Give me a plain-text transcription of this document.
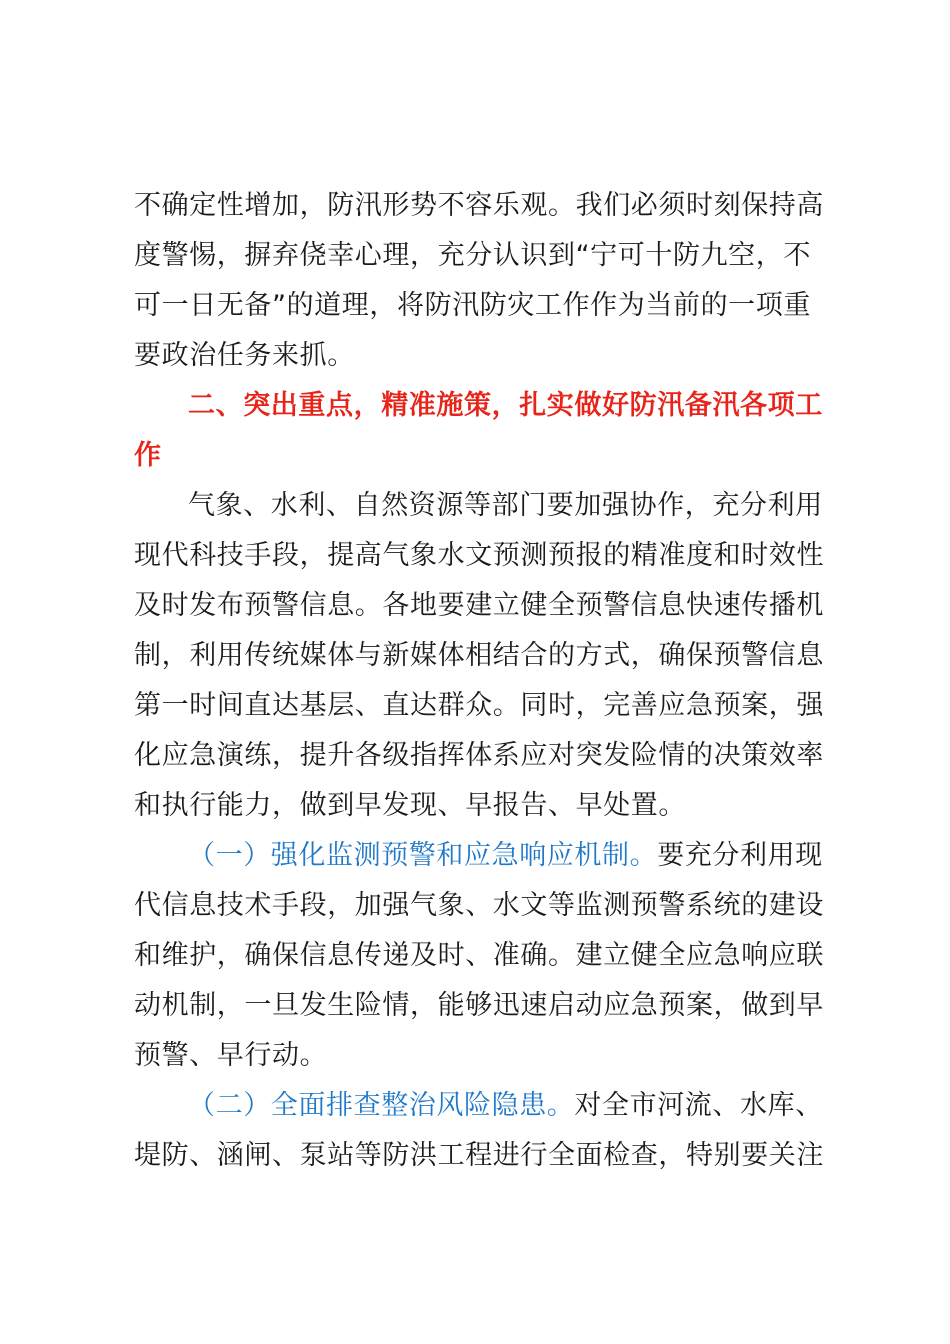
不确定性增加，防汛形势不容乐观。我们必须时刻保持高
度警惕，摒弃侥幸心理，充分认识到“宁可十防九空，不
可一日无备”的道理，将防汛防灾工作作为当前的一项重
要政治任务来抓。
二、突出重点，精准施策，扎实做好防汛备汛各项工
作
气象、水利、自然资源等部门要加强协作，充分利用
现代科技手段，提高气象水文预测预报的精准度和时效性
及时发布预警信息。各地要建立健全预警信息快速传播机
制，利用传统媒体与新媒体相结合的方式，确保预警信息
第一时间直达基层、直达群众。同时，完善应急预案，强
化应急演练，提升各级指挥体系应对突发险情的决策效率
和执行能力，做到早发现、早报告、早处置。
（一）强化监测预警和应急响应机制。要充分利用现
代信息技术手段，加强气象、水文等监测预警系统的建设
和维护，确保信息传递及时、准确。建立健全应急响应联
动机制，一旦发生险情，能够迅速启动应急预案，做到早
预警、早行动。
（二）全面排查整治风险隐患。对全市河流、水库、
堤防、涵闸、泵站等防洪工程进行全面检查，特别要关注
